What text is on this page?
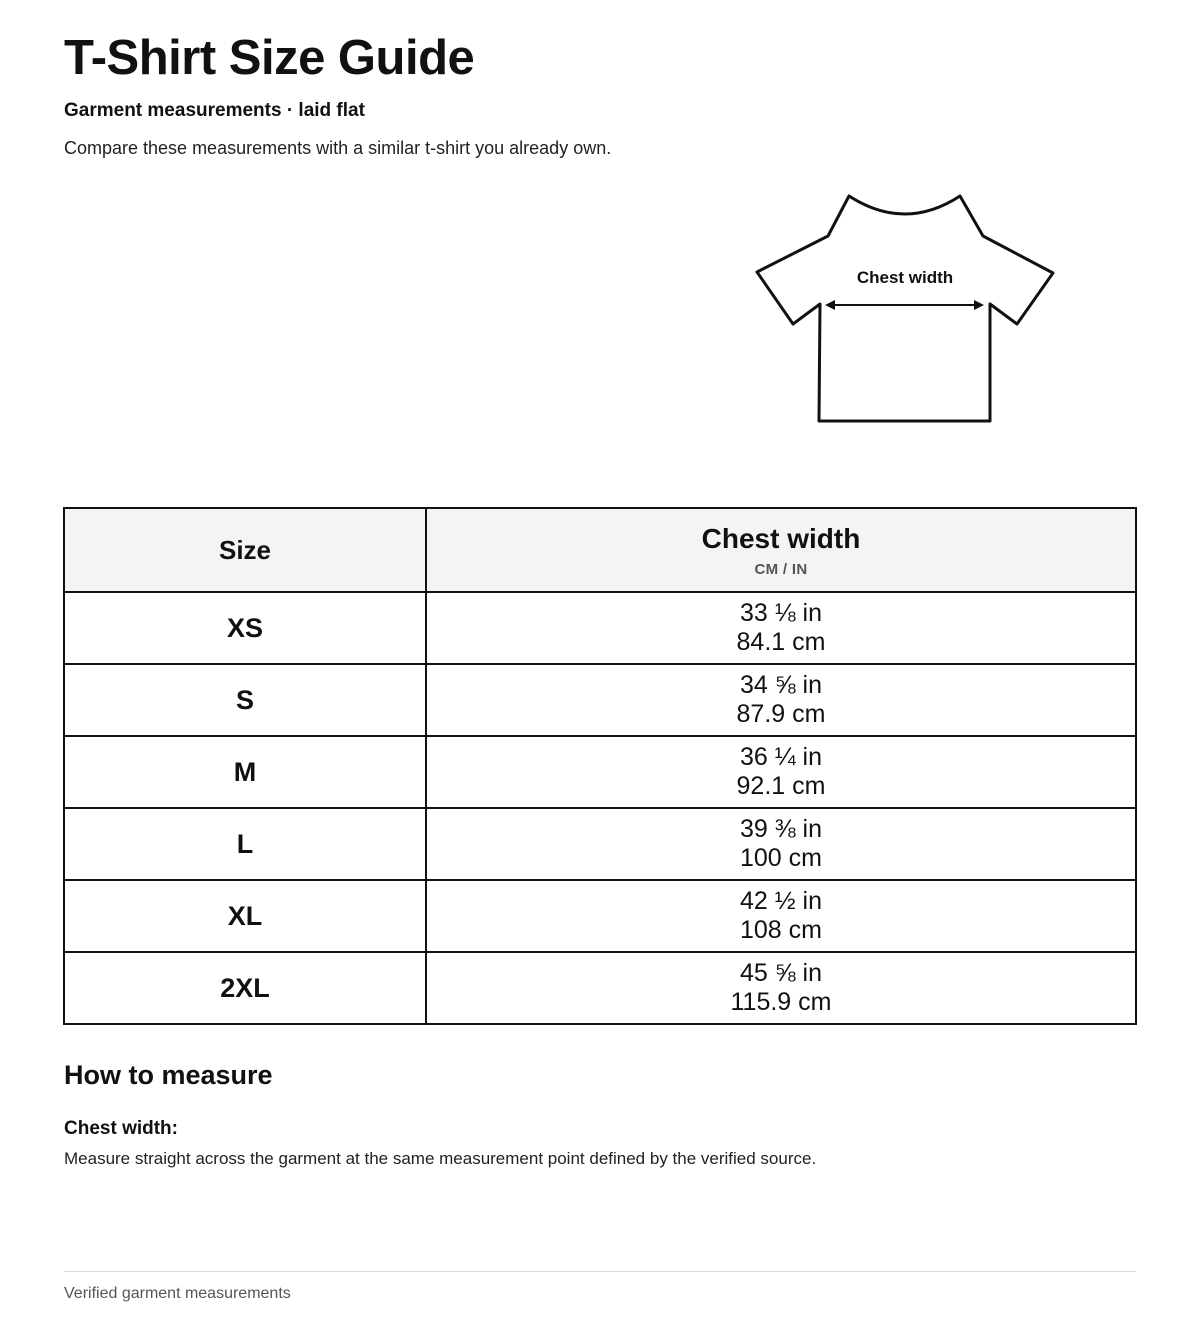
T-Shirt Size Guide
Garment measurements · laid flat
Compare these measurements with a similar t-shirt you already own.
Chest width
Size	Chest width
CM / IN

XS	33 ⅛ in
84.1 cm

S	34 ⅝ in
87.9 cm

M	36 ¼ in
92.1 cm

L	39 ⅜ in
100 cm

XL	42 ½ in
108 cm

2XL	45 ⅝ in
115.9 cm
How to measure
Chest width:
Measure straight across the garment at the same measurement point defined by the verified source.
Verified garment measurements
